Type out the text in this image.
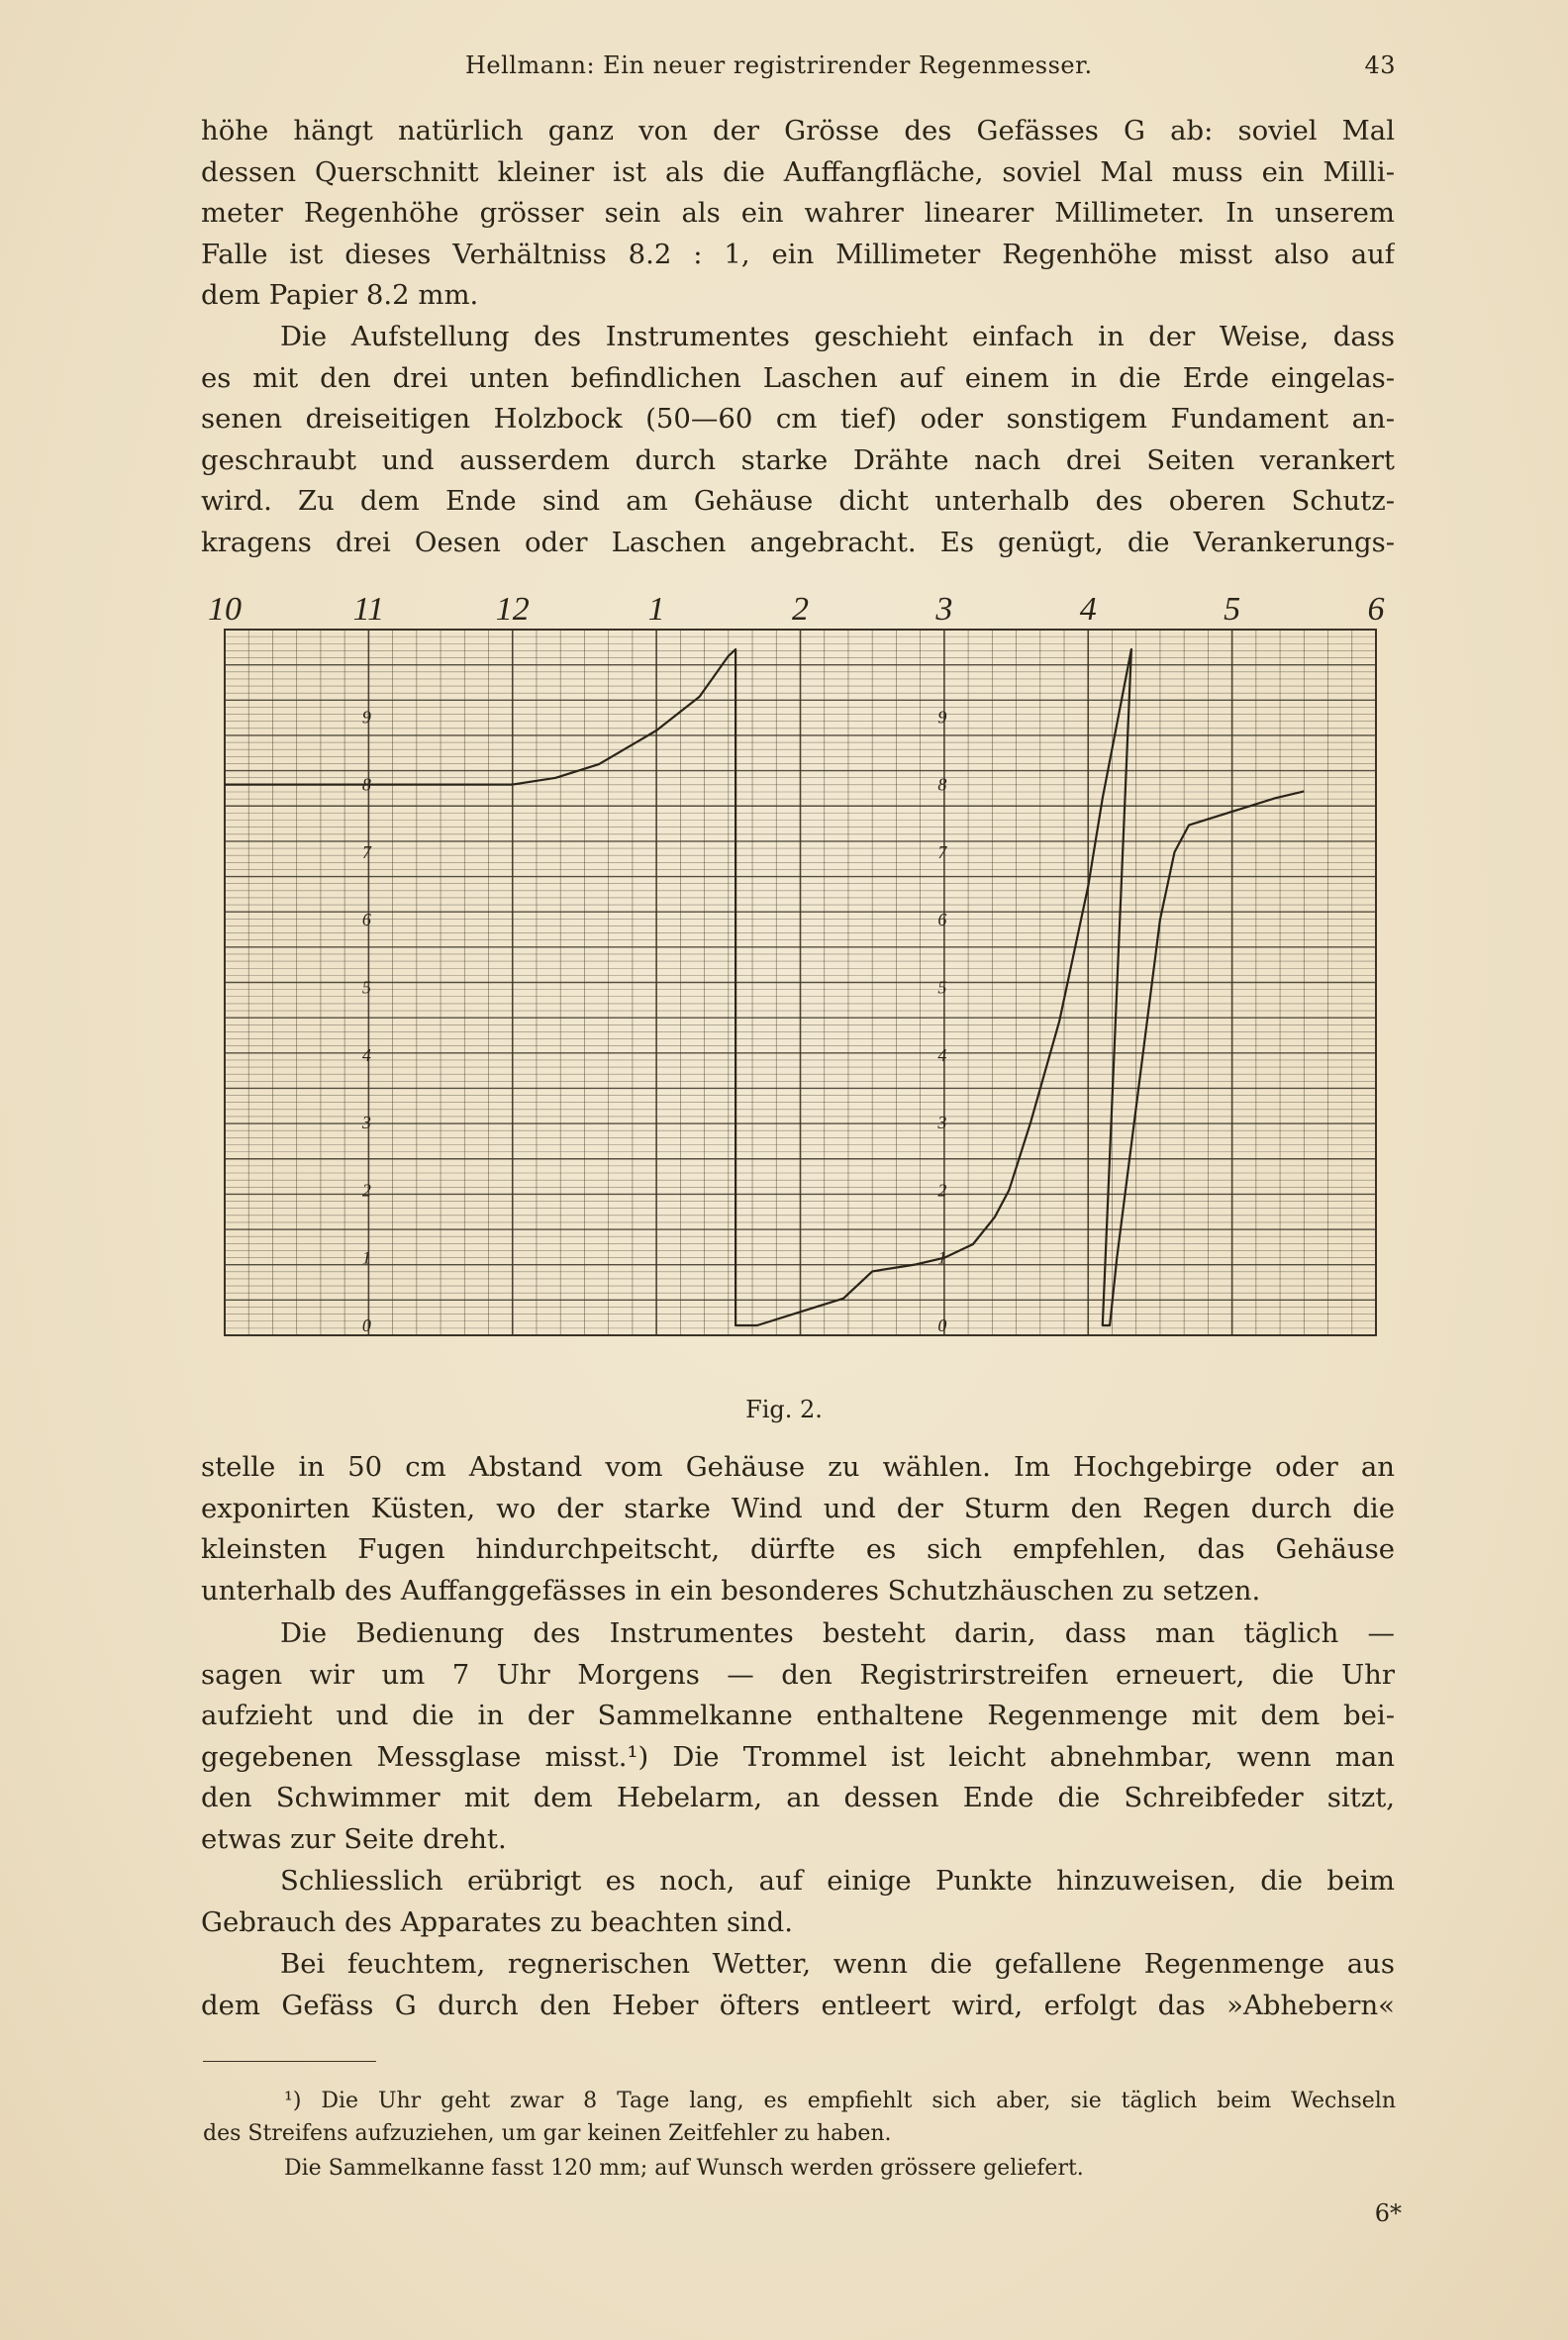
Hellmann: Ein neuer registrirender Regenmesser.	43
höhe hängt natürlich ganz von der Grösse des Gefässes G ab: soviel Mal
dessen Querschnitt kleiner ist als die Auffangfläche, soviel Mal muss ein Milli-
meter Regenhöhe grösser sein als ein wahrer linearer Millimeter. In unserem
Falle ist dieses Verhältniss 8.2 : 1, ein Millimeter Regenhöhe misst also auf
dem Papier 8.2 mm.
Die Aufstellung des Instrumentes geschieht einfach in der Weise, dass
es mit den drei unten befindlichen Laschen auf einem in die Erde eingelas-
senen dreiseitigen Holzbock (50—60 cm tief) oder sonstigem Fundament an-
geschraubt und ausserdem durch starke Drähte nach drei Seiten verankert
wird. Zu dem Ende sind am Gehäuse dicht unterhalb des oberen Schutz-
kragens drei Oesen oder Laschen angebracht. Es genügt, die Verankerungs-
10	11	12	1	2	3	4	5	6
0
1
2
3
4
5
6
7
8
9
0
1
2
3
4
5
6
7
8
9
Fig. 2.
stelle in 50 cm Abstand vom Gehäuse zu wählen. Im Hochgebirge oder an
exponirten Küsten, wo der starke Wind und der Sturm den Regen durch die
kleinsten Fugen hindurchpeitscht, dürfte es sich empfehlen, das Gehäuse
unterhalb des Auffanggefässes in ein besonderes Schutzhäuschen zu setzen.
Die Bedienung des Instrumentes besteht darin, dass man täglich —
sagen wir um 7 Uhr Morgens — den Registrirstreifen erneuert, die Uhr
aufzieht und die in der Sammelkanne enthaltene Regenmenge mit dem bei-
gegebenen Messglase misst.¹) Die Trommel ist leicht abnehmbar, wenn man
den Schwimmer mit dem Hebelarm, an dessen Ende die Schreibfeder sitzt,
etwas zur Seite dreht.
Schliesslich erübrigt es noch, auf einige Punkte hinzuweisen, die beim
Gebrauch des Apparates zu beachten sind.
Bei feuchtem, regnerischen Wetter, wenn die gefallene Regenmenge aus
dem Gefäss G durch den Heber öfters entleert wird, erfolgt das »Abhebern«
¹) Die Uhr geht zwar 8 Tage lang, es empfiehlt sich aber, sie täglich beim Wechseln
des Streifens aufzuziehen, um gar keinen Zeitfehler zu haben.
Die Sammelkanne fasst 120 mm; auf Wunsch werden grössere geliefert.
6*
